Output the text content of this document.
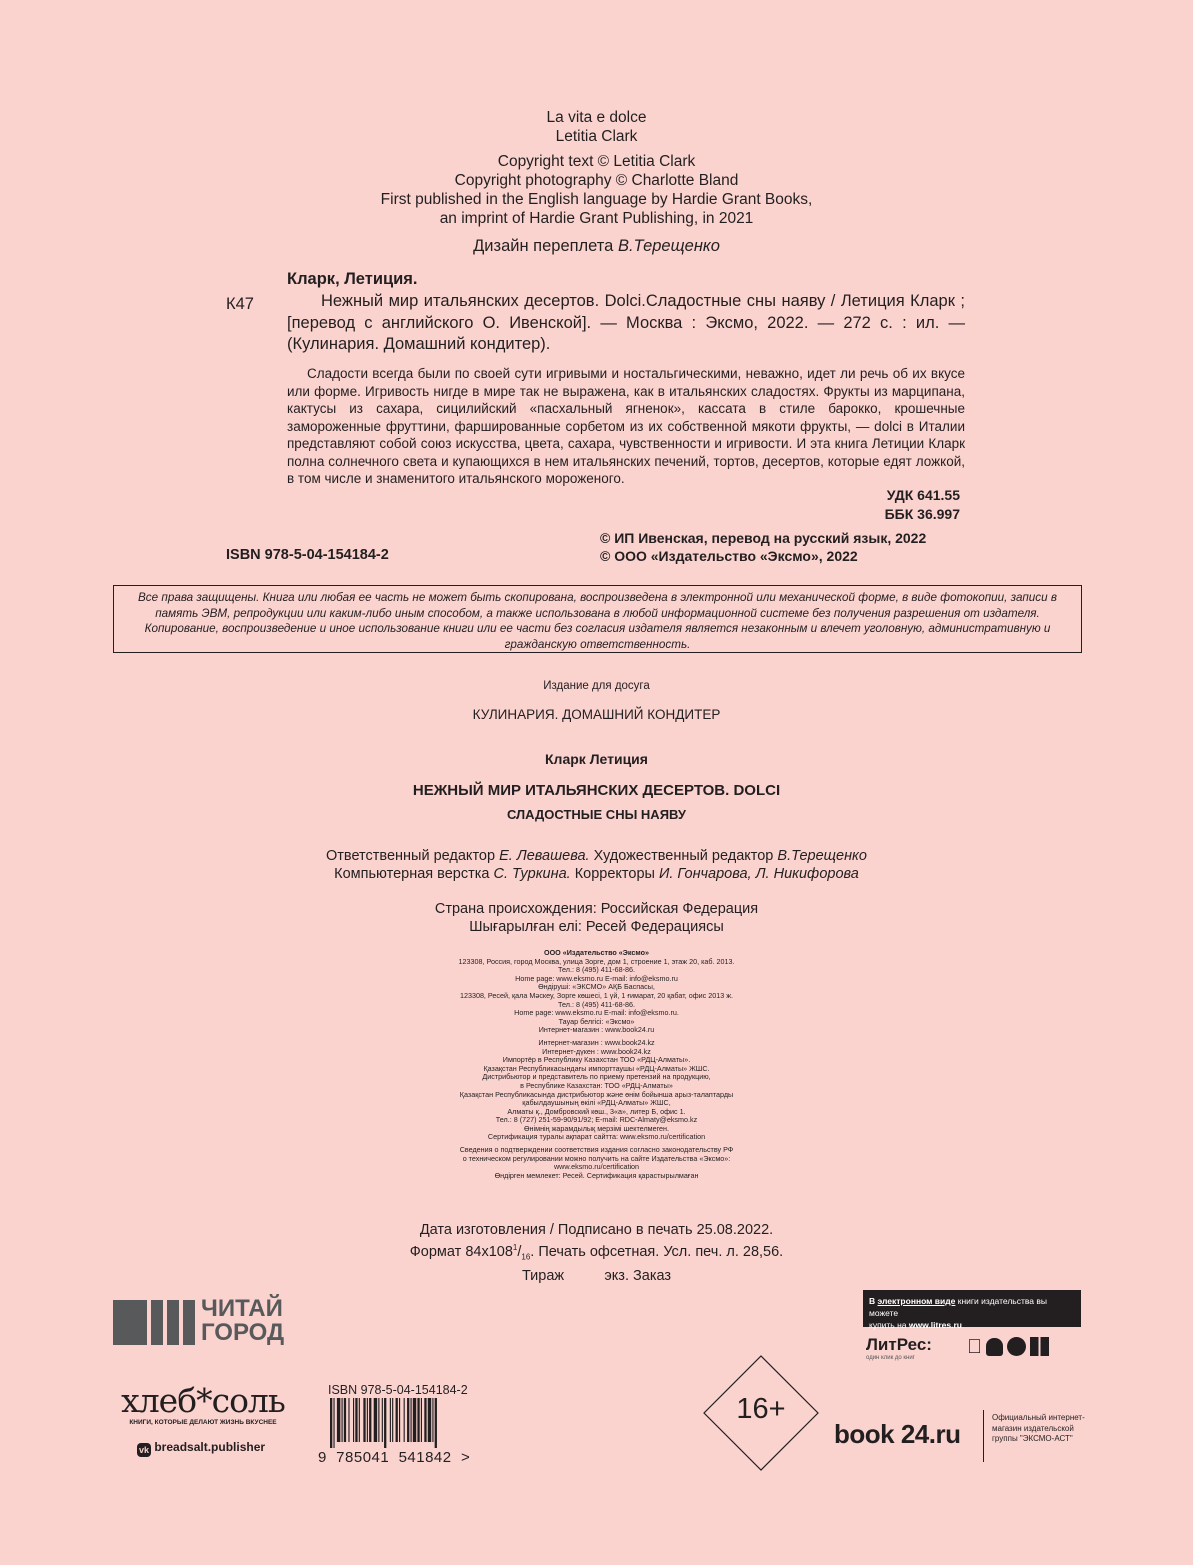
La vita e dolce
Letitia Clark
Copyright text © Letitia Clark
Copyright photography © Charlotte Bland
First published in the English language by Hardie Grant Books,
an imprint of Hardie Grant Publishing, in 2021
Дизайн переплета В.Терещенко
Кларк, Летиция.
К47	Нежный мир итальянских десертов. Dolci.Сладостные сны наяву / Летиция Кларк ; [перевод с английского О. Ивенской]. — Москва : Эксмо, 2022. — 272 с. : ил. — (Кулинария. Домашний кондитер).
Сладости всегда были по своей сути игривыми и ностальгическими, неважно, идет ли речь об их вкусе или форме. Игривость нигде в мире так не выражена, как в итальянских сладостях. Фрукты из марципана, кактусы из сахара, сицилийский «пасхальный ягненок», кассата в стиле барокко, крошечные замороженные фруттини, фаршированные сорбетом из их собственной мякоти фрукты, — dolci в Италии представляют собой союз искусства, цвета, сахара, чувственности и игривости. И эта книга Летиции Кларк полна солнечного света и купающихся в нем итальянских печений, тортов, десертов, которые едят ложкой, в том числе и знаменитого итальянского мороженого.
УДК 641.55
ББК 36.997
ISBN 978-5-04-154184-2
© ИП Ивенская, перевод на русский язык, 2022
© ООО «Издательство «Эксмо», 2022
Все права защищены. Книга или любая ее часть не может быть скопирована, воспроизведена в электронной или механической форме, в виде фотокопии, записи в память ЭВМ, репродукции или каким-либо иным способом, а также использована в любой информационной системе без получения разрешения от издателя. Копирование, воспроизведение и иное использование книги или ее части без согласия издателя является незаконным и влечет уголовную, административную и гражданскую ответственность.
Издание для досуга
КУЛИНАРИЯ. ДОМАШНИЙ КОНДИТЕР
Кларк Летиция
НЕЖНЫЙ МИР ИТАЛЬЯНСКИХ ДЕСЕРТОВ. DOLCI
СЛАДОСТНЫЕ СНЫ НАЯВУ
Ответственный редактор Е. Левашева. Художественный редактор В.Терещенко
Компьютерная верстка С. Туркина. Корректоры И. Гончарова, Л. Никифорова
Страна происхождения: Российская Федерация
Шығарылған елі: Ресей Федерациясы
ООО «Издательство «Эксмо»
123308, Россия, город Москва, улица Зорге, дом 1, строение 1, этаж 20, каб. 2013.
Тел.: 8 (495) 411-68-86.
Home page: www.eksmo.ru E-mail: info@eksmo.ru
Өндіруші: «ЭКСМО» АҚБ Баспасы,
123308, Ресей, қала Мәскеу, Зорге көшесі, 1 үй, 1 ғимарат, 20 қабат, офис 2013 ж.
Тел.: 8 (495) 411-68-86.
Home page: www.eksmo.ru E-mail: info@eksmo.ru.
Тауар белгісі: «Эксмо»
Интернет-магазин : www.book24.ru
Интернет-магазин : www.book24.kz
Интернет-дүкен : www.book24.kz
Импортёр в Республику Казахстан ТОО «РДЦ-Алматы».
Қазақстан Республикасындағы импорттаушы «РДЦ-Алматы» ЖШС.
Дистрибьютор и представитель по приему претензий на продукцию,
в Республике Казахстан: ТОО «РДЦ-Алматы»
Қазақстан Республикасында дистрибьютор және өнім бойынша арыз-талаптарды
қабылдаушының өкілі «РДЦ-Алматы» ЖШС,
Алматы қ., Домбровский көш., 3«а», литер Б, офис 1.
Тел.: 8 (727) 251-59-90/91/92; E-mail: RDC-Almaty@eksmo.kz
Өнімнің жарамдылық мерзімі шектелмеген.
Сертификация туралы ақпарат сайтта: www.eksmo.ru/certification
Сведения о подтверждении соответствия издания согласно законодательству РФ
о техническом регулировании можно получить на сайте Издательства «Эксмо»:
www.eksmo.ru/certification
Өндірген мемлекет: Ресей. Сертификация қарастырылмаған
Дата изготовления / Подписано в печать 25.08.2022.
Формат $84x108^1/_{16}$. Печать офсетная. Усл. печ. л. 28,56.
Тираж          экз. Заказ
ЧИТАЙ
ГОРОД
хлеб*соль
КНИГИ, КОТОРЫЕ ДЕЛАЮТ ЖИЗНЬ ВКУСНЕЕ
vk breadsalt.publisher
ISBN 978-5-04-154184-2
9  785041  541842  >
16+
В электронном виде книги издательства вы можете
купить на www.litres.ru
ЛитРес:
один клик до книг
book 24.ru
Официальный интернет-магазин издательской группы "ЭКСМО-АСТ"
